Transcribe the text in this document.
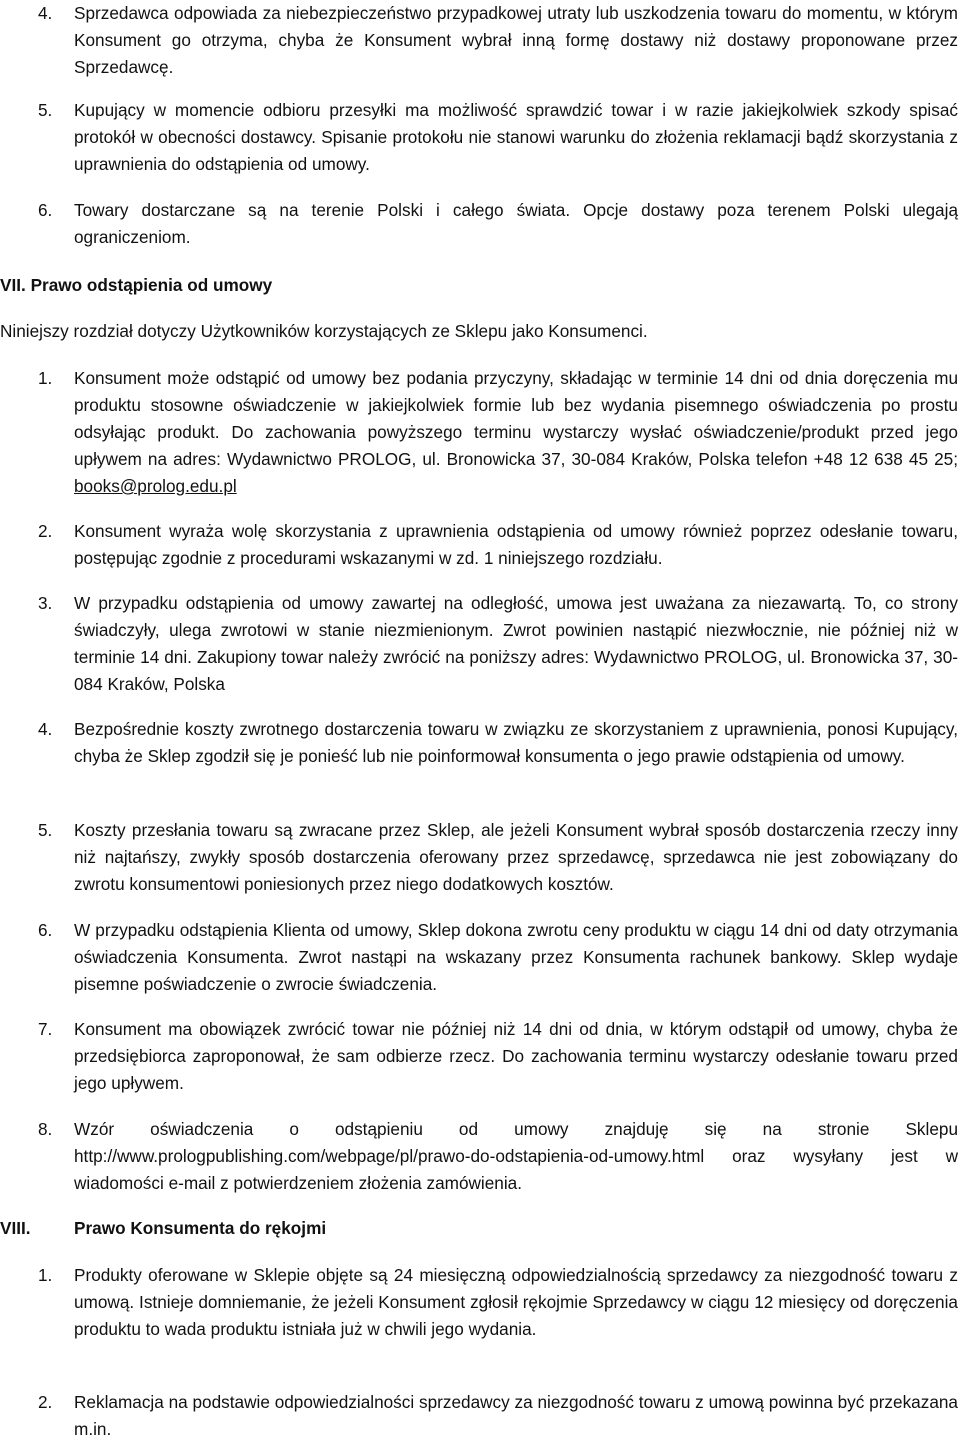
4. Sprzedawca odpowiada za niebezpieczeństwo przypadkowej utraty lub uszkodzenia towaru do momentu, w którym Konsument go otrzyma, chyba że Konsument wybrał inną formę dostawy niż dostawy proponowane przez Sprzedawcę.
5. Kupujący w momencie odbioru przesyłki ma możliwość sprawdzić towar i w razie jakiejkolwiek szkody spisać protokół w obecności dostawcy. Spisanie protokołu nie stanowi warunku do złożenia reklamacji bądź skorzystania z uprawnienia do odstąpienia od umowy.
6. Towary dostarczane są na terenie Polski i całego świata. Opcje dostawy poza terenem Polski ulegają ograniczeniom.
VII. Prawo odstąpienia od umowy
Niniejszy rozdział dotyczy Użytkowników korzystających ze Sklepu jako Konsumenci.
1. Konsument może odstąpić od umowy bez podania przyczyny, składając w terminie 14 dni od dnia doręczenia mu produktu stosowne oświadczenie w jakiejkolwiek formie lub bez wydania pisemnego oświadczenia po prostu odsyłając produkt. Do zachowania powyższego terminu wystarczy wysłać oświadczenie/produkt przed jego upływem na adres: Wydawnictwo PROLOG, ul. Bronowicka 37, 30-084 Kraków, Polska telefon +48 12 638 45 25; books@prolog.edu.pl
2. Konsument wyraża wolę skorzystania z uprawnienia odstąpienia od umowy również poprzez odesłanie towaru, postępując zgodnie z procedurami wskazanymi w zd. 1 niniejszego rozdziału.
3. W przypadku odstąpienia od umowy zawartej na odległość, umowa jest uważana za niezawartą. To, co strony świadczyły, ulega zwrotowi w stanie niezmienionym. Zwrot powinien nastąpić niezwłocznie, nie później niż w terminie 14 dni. Zakupiony towar należy zwrócić na poniższy adres: Wydawnictwo PROLOG, ul. Bronowicka 37, 30-084 Kraków, Polska
4. Bezpośrednie koszty zwrotnego dostarczenia towaru w związku ze skorzystaniem z uprawnienia, ponosi Kupujący, chyba że Sklep zgodził się je ponieść lub nie poinformował konsumenta o jego prawie odstąpienia od umowy.
5. Koszty przesłania towaru są zwracane przez Sklep, ale jeżeli Konsument wybrał sposób dostarczenia rzeczy inny niż najtańszy, zwykły sposób dostarczenia oferowany przez sprzedawcę, sprzedawca nie jest zobowiązany do zwrotu konsumentowi poniesionych przez niego dodatkowych kosztów.
6. W przypadku odstąpienia Klienta od umowy, Sklep dokona zwrotu ceny produktu w ciągu 14 dni od daty otrzymania oświadczenia Konsumenta. Zwrot nastąpi na wskazany przez Konsumenta rachunek bankowy. Sklep wydaje pisemne poświadczenie o zwrocie świadczenia.
7. Konsument ma obowiązek zwrócić towar nie później niż 14 dni od dnia, w którym odstąpił od umowy, chyba że przedsiębiorca zaproponował, że sam odbierze rzecz. Do zachowania terminu wystarczy odesłanie towaru przed jego upływem.
8. Wzór oświadczenia o odstąpieniu od umowy znajduję się na stronie Sklepu http://www.prologpublishing.com/webpage/pl/prawo-do-odstapienia-od-umowy.html oraz wysyłany jest w wiadomości e-mail z potwierdzeniem złożenia zamówienia.
VIII.	Prawo Konsumenta do rękojmi
1. Produkty oferowane w Sklepie objęte są 24 miesięczną odpowiedzialnością sprzedawcy za niezgodność towaru z umową. Istnieje domniemanie, że jeżeli Konsument zgłosił rękojmie Sprzedawcy w ciągu 12 miesięcy od doręczenia produktu to wada produktu istniała już w chwili jego wydania.
2. Reklamacja na podstawie odpowiedzialności sprzedawcy za niezgodność towaru z umową powinna być przekazana m.in.
